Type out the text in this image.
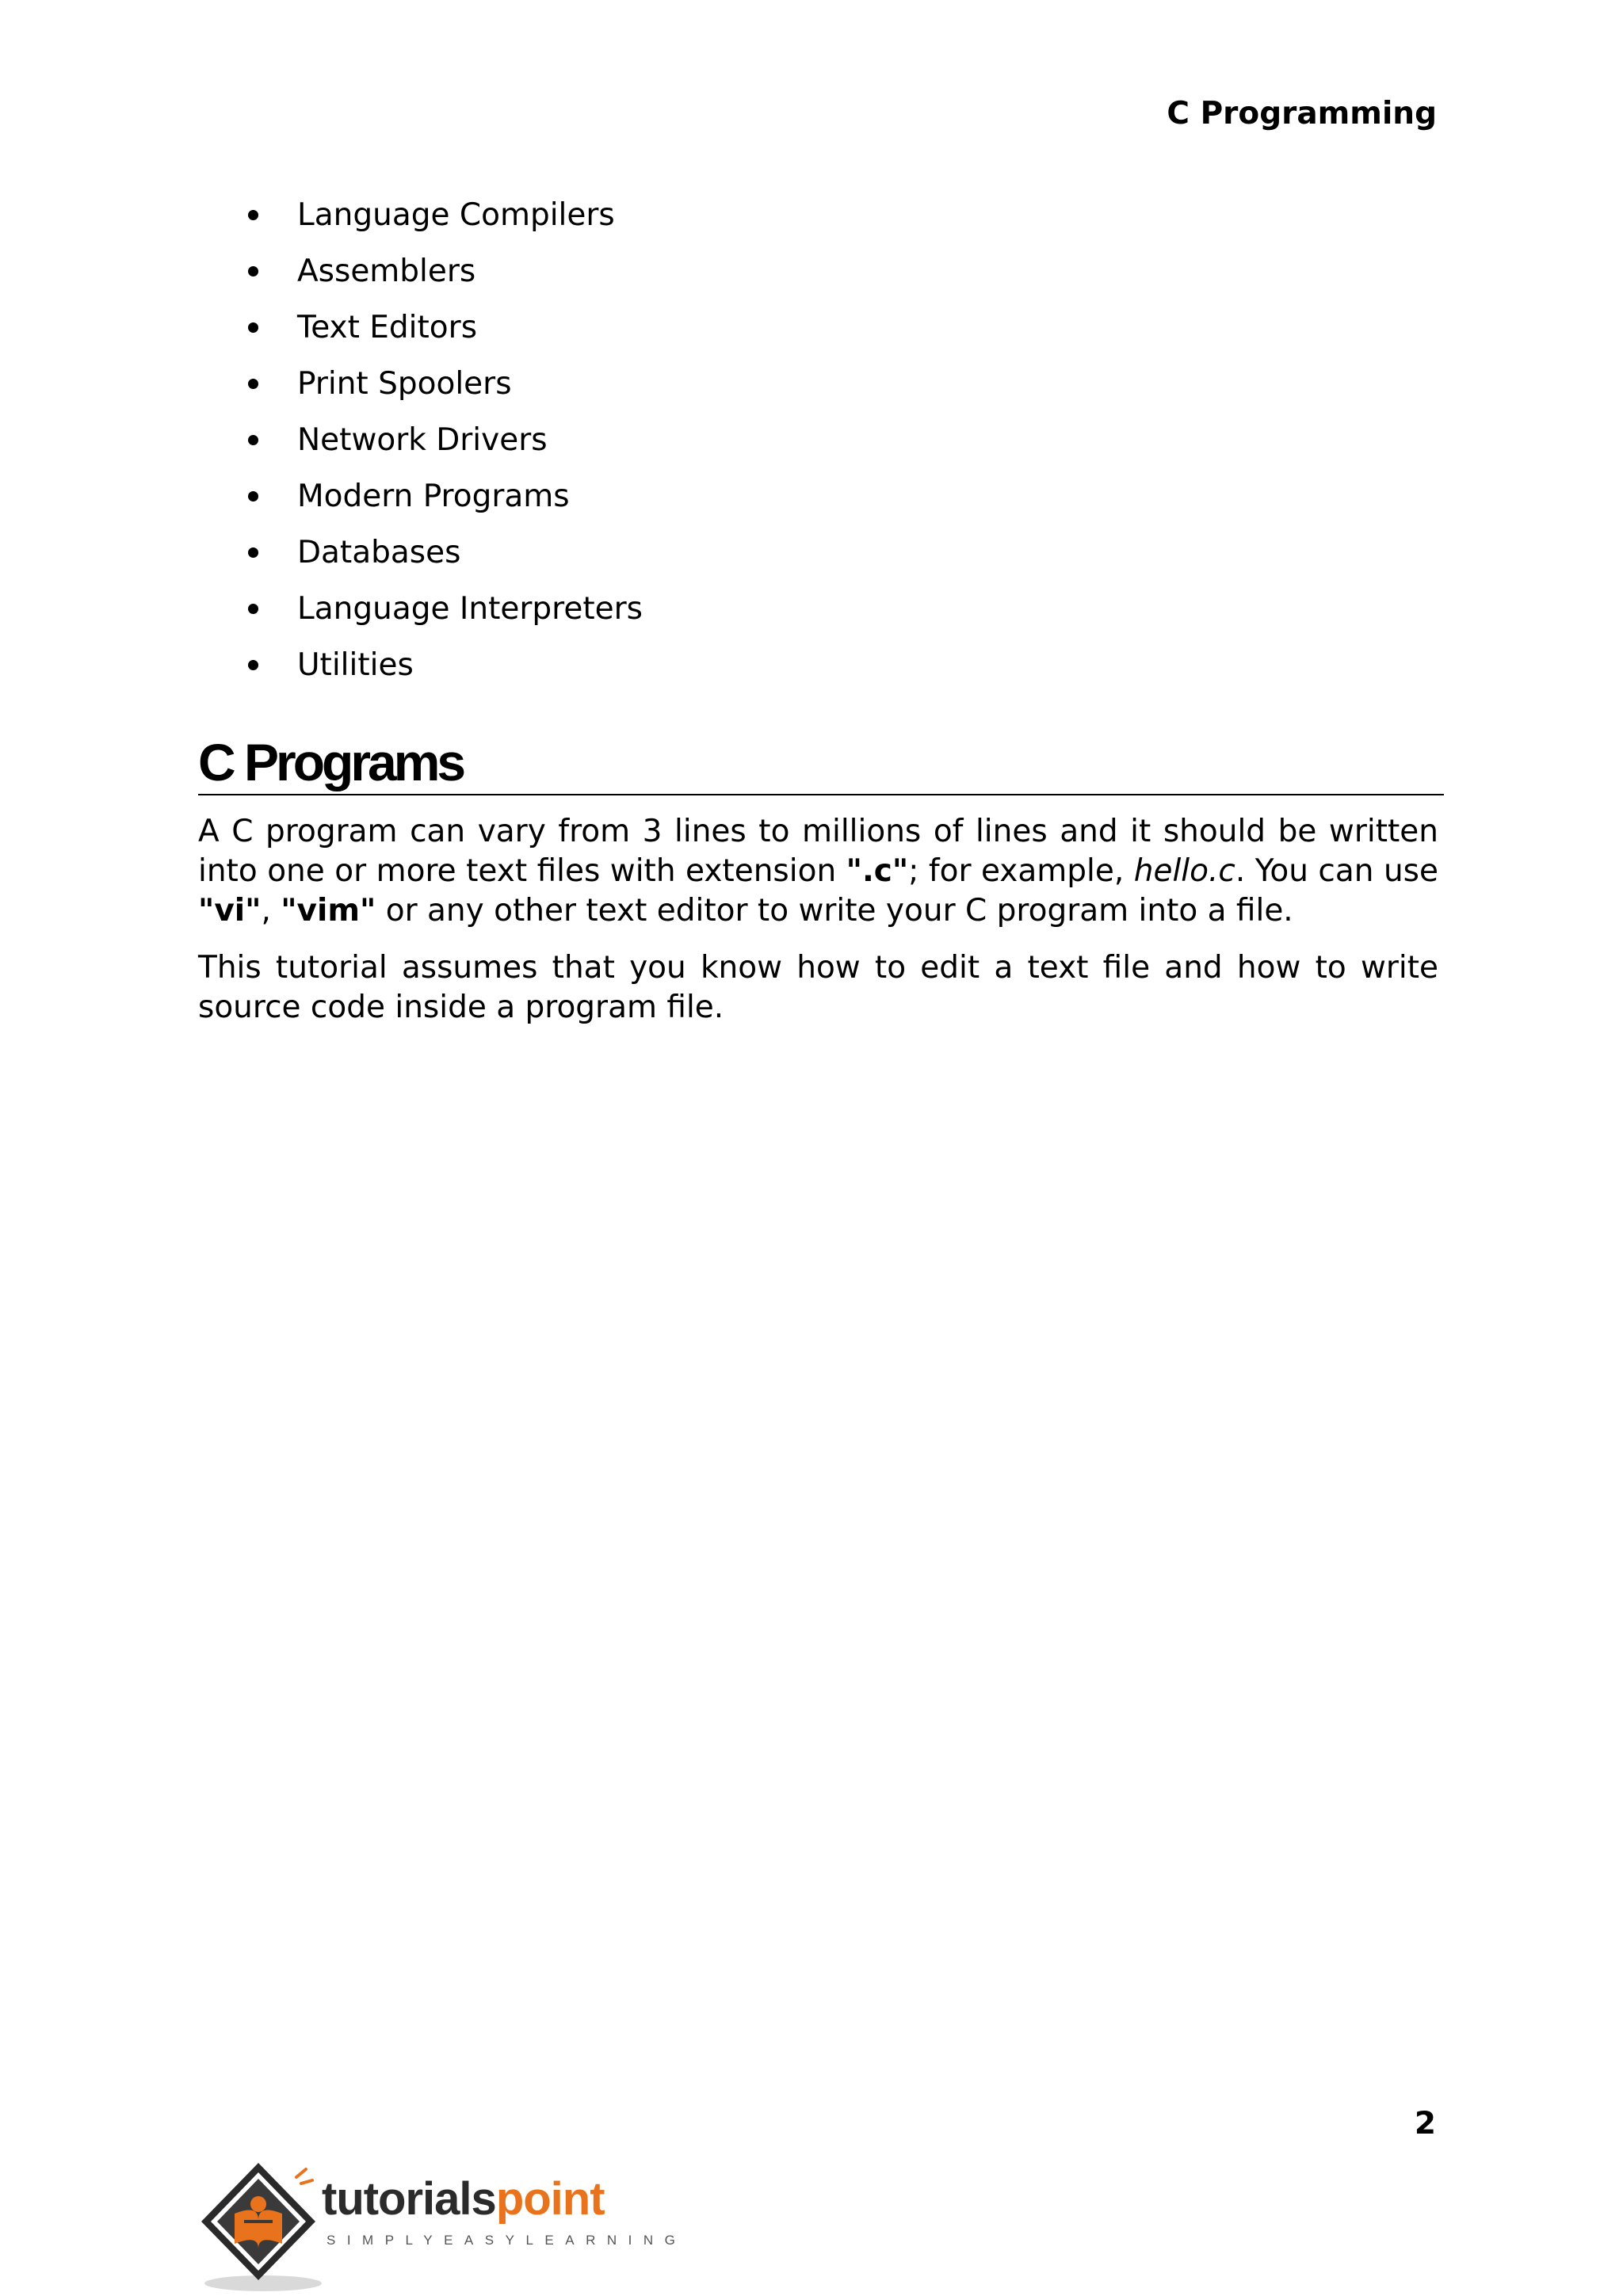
C Programming

Language Compilers
Assemblers
Text Editors
Print Spoolers
Network Drivers
Modern Programs
Databases
Language Interpreters
Utilities
C Programs

A C program can vary from 3 lines to millions of lines and it should be written into one or more text files with extension ".c"; for example, hello.c. You can use "vi", "vim" or any other text editor to write your C program into a file.

This tutorial assumes that you know how to edit a text file and how to write source code inside a program file.

2

tutorialspoint
SIMPLYEASYLEARNING
